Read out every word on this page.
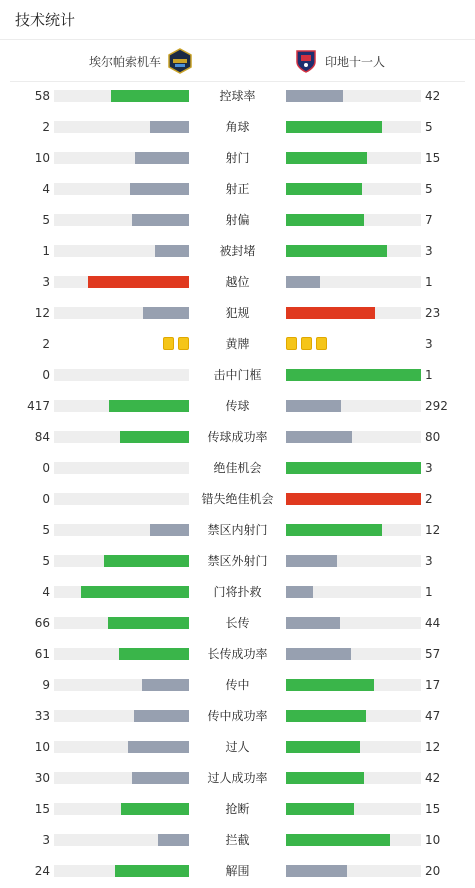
技术统计
埃尔帕索机车	印地十一人
58	控球率	42
2	角球	5
10	射门	15
4	射正	5
5	射偏	7
1	被封堵	3
3	越位	1
12	犯规	23
2	黄牌	3
0	击中门框	1
417	传球	292
84	传球成功率	80
0	绝佳机会	3
0	错失绝佳机会	2
5	禁区内射门	12
5	禁区外射门	3
4	门将扑救	1
66	长传	44
61	长传成功率	57
9	传中	17
33	传中成功率	47
10	过人	12
30	过人成功率	42
15	抢断	15
3	拦截	10
24	解围	20
